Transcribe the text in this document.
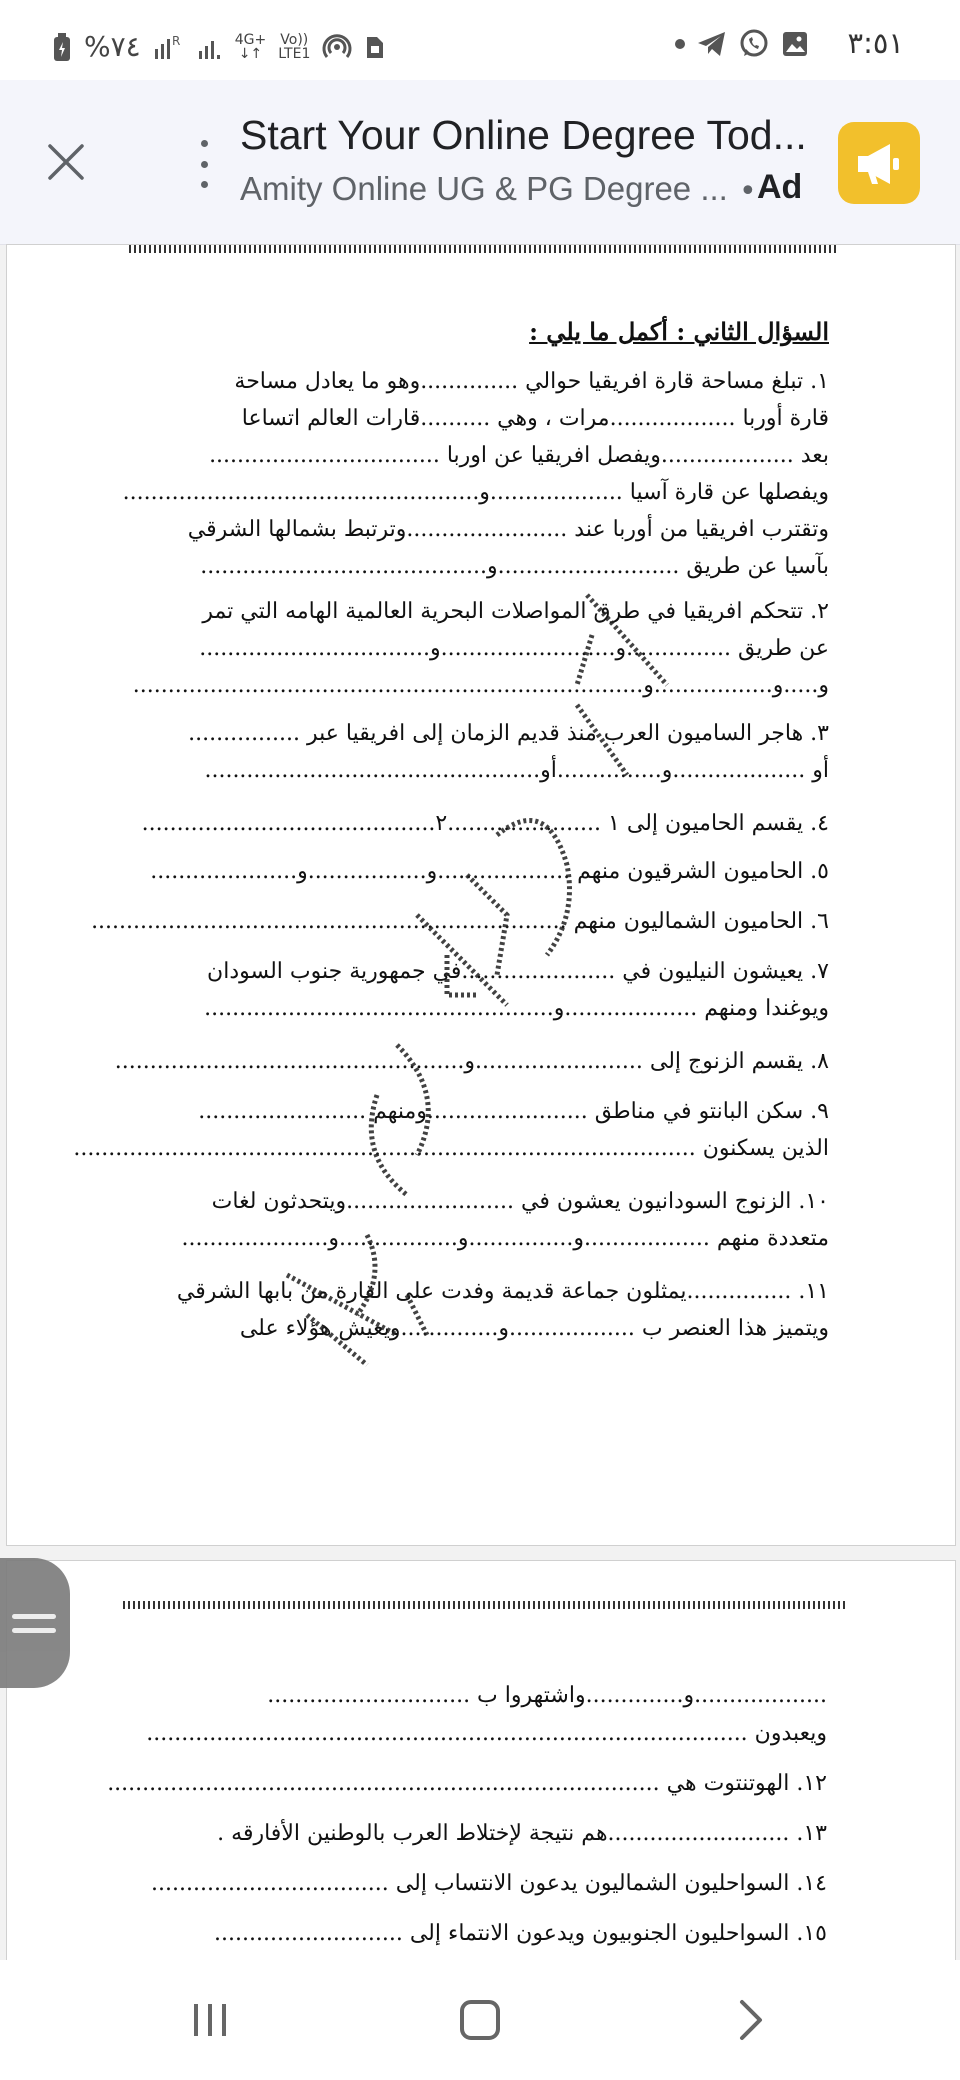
%٧٤	R	4G+
↓↑
Vo))
LTE1	٣:٥١
Start Your Online Degree Tod...
Amity Online UG & PG Degree ... • Ad
السؤال الثاني : أكمل ما يلي :
١. تبلغ مساحة قارة افريقيا حوالي ..............وهو ما يعادل مساحة
قارة أوربا ..................مرات ، وهي ..........قارات العالم اتساعا
بعد ...................ويفصل افريقيا عن اوربا .................................
ويفصلها عن قارة آسيا ...................و...................................................
وتقترب افريقيا من أوربا عند .......................وترتبط بشمالها الشرقي
بآسيا عن طريق ..........................و.........................................
٢. تتحكم افريقيا في طرق المواصلات البحرية العالمية الهامه التي تمر
عن طريق ...............و.........................و.................................
و.....و.................و.........................................................................
٣. هاجر الساميون العرب منذ قديم الزمان إلى افريقيا عبر ................
أو ...................و...............أو................................................
٤. يقسم الحاميون إلى ١ ......................٢..........................................
٥. الحاميون الشرقيون منهم ...................و.................و.....................
٦. الحاميون الشماليون منهم ....................................................................
٧. يعيشون النيليون في ......................في جمهورية جنوب السودان
ويوغندا ومنهم ...................و..................................................
٨. يقسم الزنوج إلى ........................و..................................................
٩. سكن البانتو في مناطق .......................ومنهم ........................
الذين يسكنون .........................................................................................
١٠. الزنوج السودانيون يعشون في ........................ويتحدثون لغات
متعددة منهم ..................و...............و.................و.....................
١١. ...............يمثلون جماعة قديمة وفدت على القارة من بابها الشرقي
ويتميز هذا العنصر ب ..................و..............ويعيش هؤلاء على
...................و..............واشتهروا ب .............................
ويعبدون ......................................................................................
١٢. الهوتنتوت هي ...............................................................................
١٣. ..........................هم نتيجة لإختلاط العرب بالوطنين الأفارقه .
١٤. السواحليون الشماليون يدعون الانتساب إلى ..................................
١٥. السواحليون الجنوبيون ويدعون الانتماء إلى ...........................
